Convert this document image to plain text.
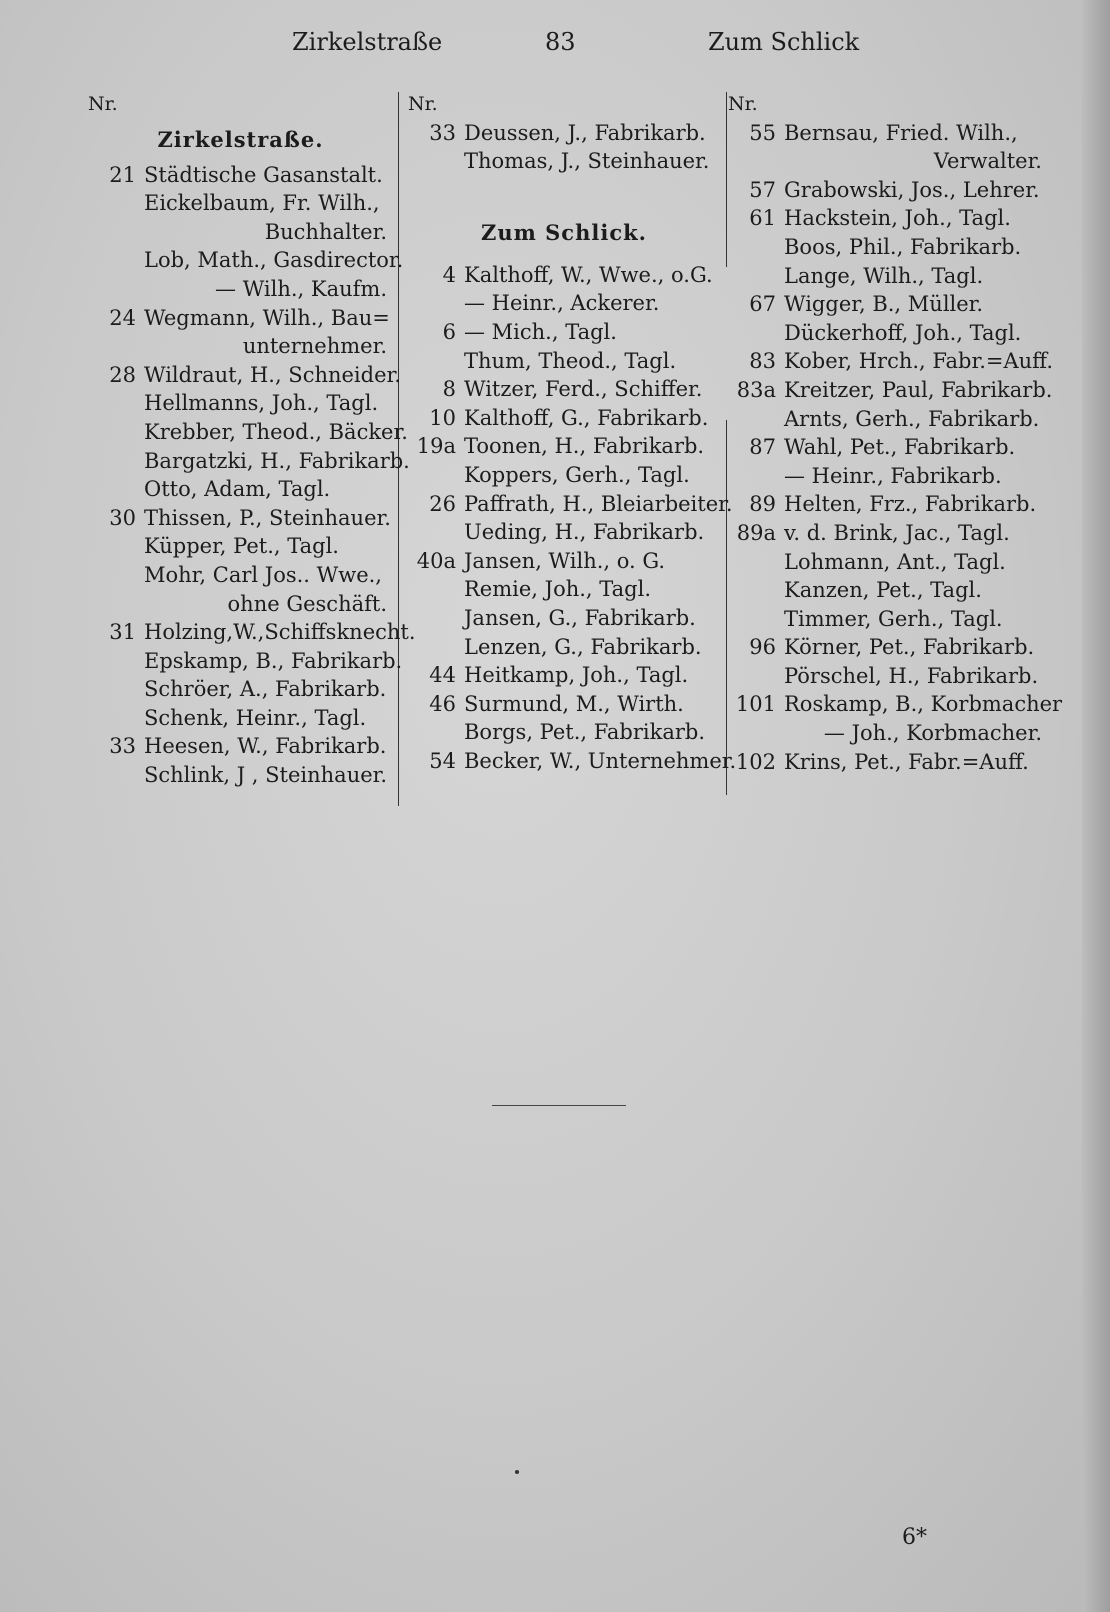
Zirkelstraße	83	Zum Schlick
Nr.
Zirkelstraße.
21 Städtische Gasanstalt.
Eickelbaum, Fr. Wilh.,
Buchhalter.
Lob, Math., Gasdirector.
— Wilh., Kaufm.
24 Wegmann, Wilh., Bau=
unternehmer.
28 Wildraut, H., Schneider.
Hellmanns, Joh., Tagl.
Krebber, Theod., Bäcker.
Bargatzki, H., Fabrikarb.
Otto, Adam, Tagl.
30 Thissen, P., Steinhauer.
Küpper, Pet., Tagl.
Mohr, Carl Jos.. Wwe.,
ohne Geschäft.
31 Holzing,W.,Schiffsknecht.
Epskamp, B., Fabrikarb.
Schröer, A., Fabrikarb.
Schenk, Heinr., Tagl.
33 Heesen, W., Fabrikarb.
Schlink, J , Steinhauer.
Nr.
33 Deussen, J., Fabrikarb.
Thomas, J., Steinhauer.
Zum Schlick.
4 Kalthoff, W., Wwe., o.G.
— Heinr., Ackerer.
6 — Mich., Tagl.
Thum, Theod., Tagl.
8 Witzer, Ferd., Schiffer.
10 Kalthoff, G., Fabrikarb.
19a Toonen, H., Fabrikarb.
Koppers, Gerh., Tagl.
26 Paffrath, H., Bleiarbeiter.
Ueding, H., Fabrikarb.
40a Jansen, Wilh., o. G.
Remie, Joh., Tagl.
Jansen, G., Fabrikarb.
Lenzen, G., Fabrikarb.
44 Heitkamp, Joh., Tagl.
46 Surmund, M., Wirth.
Borgs, Pet., Fabrikarb.
54 Becker, W., Unternehmer.
Nr.
55 Bernsau, Fried. Wilh.,
Verwalter.
57 Grabowski, Jos., Lehrer.
61 Hackstein, Joh., Tagl.
Boos, Phil., Fabrikarb.
Lange, Wilh., Tagl.
67 Wigger, B., Müller.
Dückerhoff, Joh., Tagl.
83 Kober, Hrch., Fabr.=Auff.
83a Kreitzer, Paul, Fabrikarb.
Arnts, Gerh., Fabrikarb.
87 Wahl, Pet., Fabrikarb.
— Heinr., Fabrikarb.
89 Helten, Frz., Fabrikarb.
89a v. d. Brink, Jac., Tagl.
Lohmann, Ant., Tagl.
Kanzen, Pet., Tagl.
Timmer, Gerh., Tagl.
96 Körner, Pet., Fabrikarb.
Pörschel, H., Fabrikarb.
101 Roskamp, B., Korbmacher
— Joh., Korbmacher.
102 Krins, Pet., Fabr.=Auff.
6*
